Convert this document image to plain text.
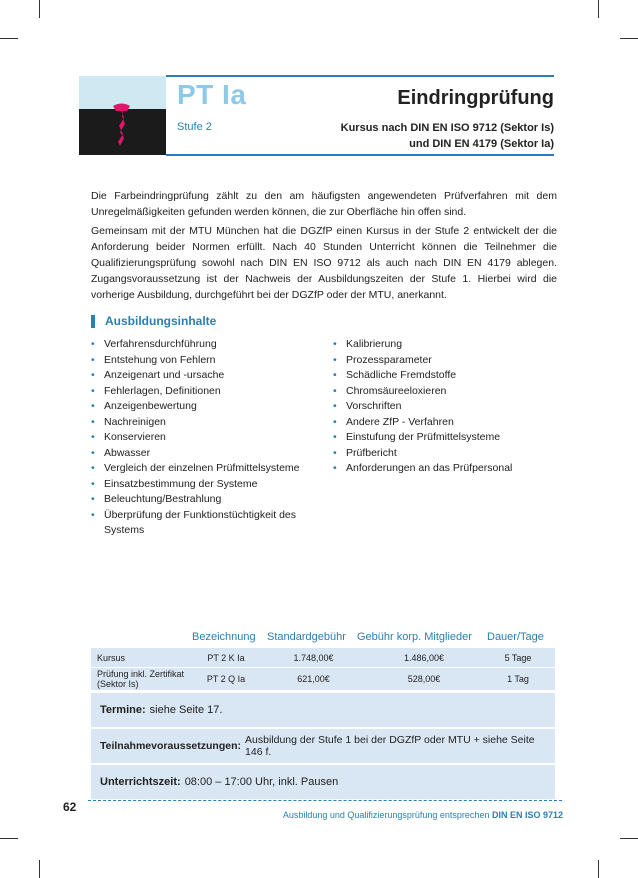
PT Ia	Eindringprüfung
Stufe 2	Kursus nach DIN EN ISO 9712 (Sektor Is)
und DIN EN 4179 (Sektor Ia)

Die Farbeindringprüfung zählt zu den am häufigsten angewendeten Prüfverfahren mit dem Unregelmäßigkeiten gefunden werden können, die zur Oberfläche hin offen sind.

Gemeinsam mit der MTU München hat die DGZfP einen Kursus in der Stufe 2 entwickelt der die Anforderung beider Normen erfüllt. Nach 40 Stunden Unterricht können die Teilnehmer die Qualifizierungsprüfung sowohl nach DIN EN ISO 9712 als auch nach DIN EN 4179 ablegen. Zugangsvoraussetzung ist der Nachweis der Ausbildungszeiten der Stufe 1. Hierbei wird die vorherige Ausbildung, durchgeführt bei der DGZfP oder der MTU, anerkannt.

Ausbildungsinhalte
• Verfahrensdurchführung
• Entstehung von Fehlern
• Anzeigenart und -ursache
• Fehlerlagen, Definitionen
• Anzeigenbewertung
• Nachreinigen
• Konservieren
• Abwasser
• Vergleich der einzelnen Prüfmittelsysteme
• Einsatzbestimmung der Systeme
• Beleuchtung/Bestrahlung
• Überprüfung der Funktionstüchtigkeit des Systems
• Kalibrierung
• Prozessparameter
• Schädliche Fremdstoffe
• Chromsäureeloxieren
• Vorschriften
• Andere ZfP - Verfahren
• Einstufung der Prüfmittelsysteme
• Prüfbericht
• Anforderungen an das Prüfpersonal
Bezeichnung Standardgebühr Gebühr korp. Mitglieder Dauer/Tage
Kursus	PT 2 K Ia	1.748,00€	1.486,00€	5 Tage
Prüfung inkl. Zertifikat (Sektor Is)	PT 2 Q Ia	621,00€	528,00€	1 Tag
Termine: siehe Seite 17.
Teilnahmevoraussetzungen: Ausbildung der Stufe 1 bei der DGZfP oder MTU + siehe Seite 146 f.
Unterrichtszeit: 08:00 – 17:00 Uhr, inkl. Pausen
62
Ausbildung und Qualifizierungsprüfung entsprechen DIN EN ISO 9712
